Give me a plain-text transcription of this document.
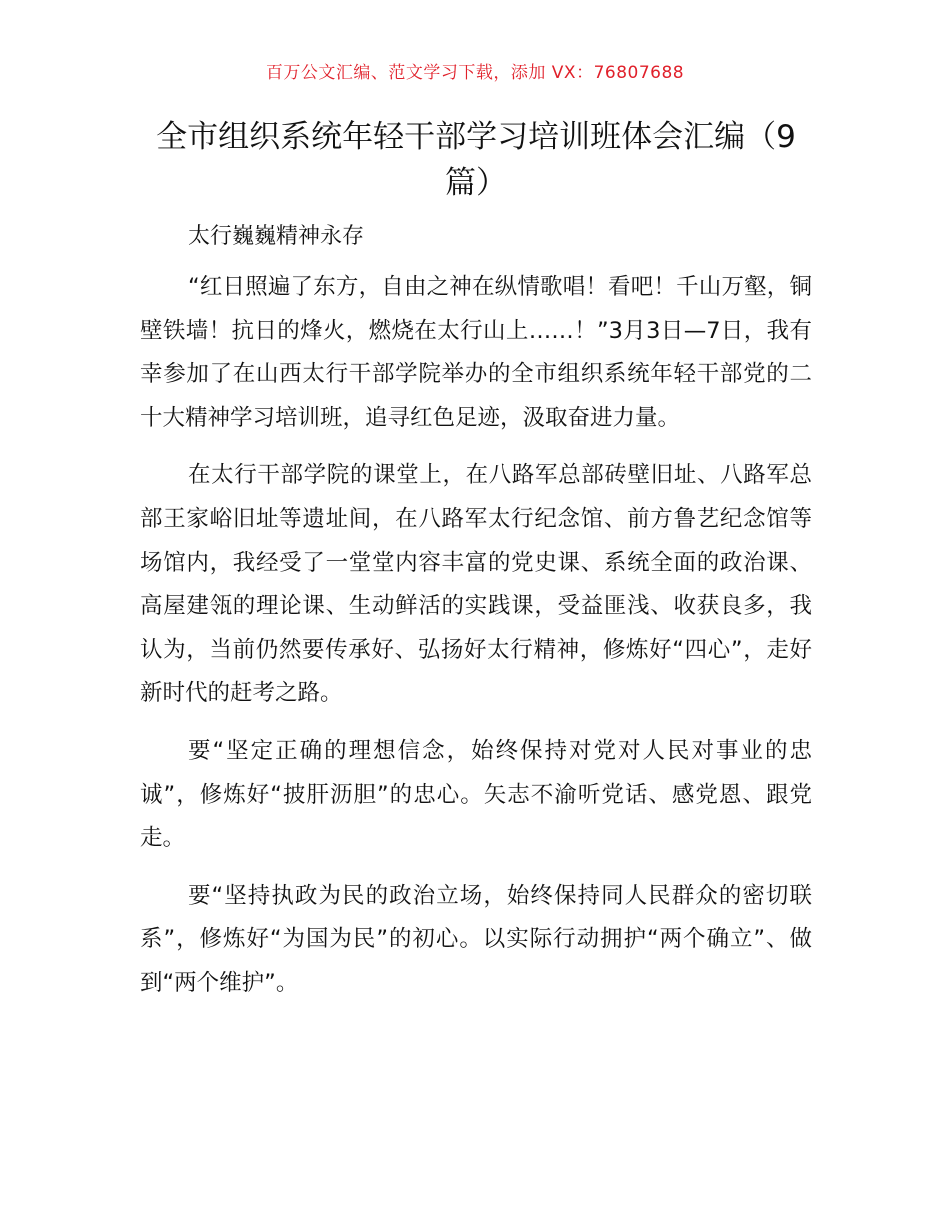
百万公文汇编、范文学习下载，添加 VX：76807688
全市组织系统年轻干部学习培训班体会汇编（9篇）
太行巍巍精神永存

“红日照遍了东方，自由之神在纵情歌唱！看吧！千山万壑，铜壁铁墙！抗日的烽火，燃烧在太行山上……！”3月3日—7日，我有幸参加了在山西太行干部学院举办的全市组织系统年轻干部党的二十大精神学习培训班，追寻红色足迹，汲取奋进力量。

在太行干部学院的课堂上，在八路军总部砖壁旧址、八路军总部王家峪旧址等遗址间，在八路军太行纪念馆、前方鲁艺纪念馆等场馆内，我经受了一堂堂内容丰富的党史课、系统全面的政治课、高屋建瓴的理论课、生动鲜活的实践课，受益匪浅、收获良多，我认为，当前仍然要传承好、弘扬好太行精神，修炼好“四心”，走好新时代的赶考之路。

要“坚定正确的理想信念，始终保持对党对人民对事业的忠诚”，修炼好“披肝沥胆”的忠心。矢志不渝听党话、感党恩、跟党走。

要“坚持执政为民的政治立场，始终保持同人民群众的密切联系”，修炼好“为国为民”的初心。以实际行动拥护“两个确立”、做到“两个维护”。
